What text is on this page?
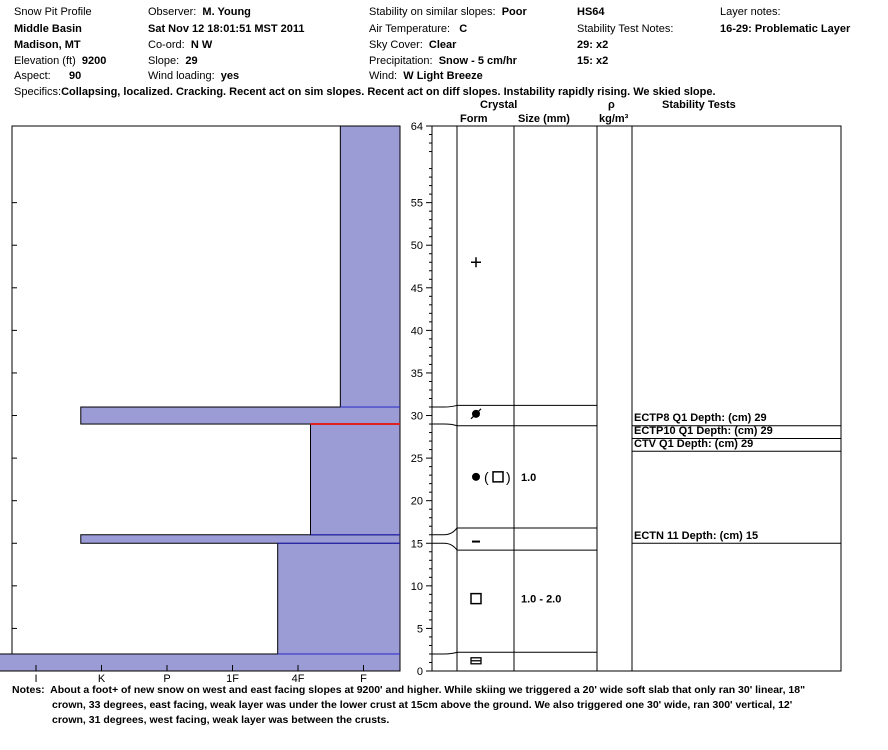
Snow Pit Profile
Middle Basin
Madison, MT
Elevation (ft) 9200
Aspect: 90
Observer: M. Young
Sat Nov 12 18:01:51 MST 2011
Co-ord: N W
Slope: 29
Wind loading: yes
Stability on similar slopes: Poor
Air Temperature: C
Sky Cover: Clear
Precipitation: Snow - 5 cm/hr
Wind: W Light Breeze
HS64
Stability Test Notes:
29: x2
15: x2
Layer notes:
16-29: Problematic Layer
Specifics:Collapsing, localized. Cracking. Recent act on sim slopes. Recent act on diff slopes. Instability rapidly rising. We skied slope.
Crystal
Form	Size (mm)
ρ
kg/m³
Stability Tests
I	K	P	1F	4F	F
0
5
10
15
20
25
30
35
40
45
50
55
64
( ) 1.0
1.0 - 2.0
ECTP8 Q1 Depth: (cm) 29
ECTP10 Q1 Depth: (cm) 29
CTV Q1 Depth: (cm) 29
ECTN 11 Depth: (cm) 15
Notes: About a foot+ of new snow on west and east facing slopes at 9200' and higher. While skiing we triggered a 20' wide soft slab that only ran 30' linear, 18"
crown, 33 degrees, east facing, weak layer was under the lower crust at 15cm above the ground. We also triggered one 30' wide, ran 300' vertical, 12'
crown, 31 degrees, west facing, weak layer was between the crusts.
